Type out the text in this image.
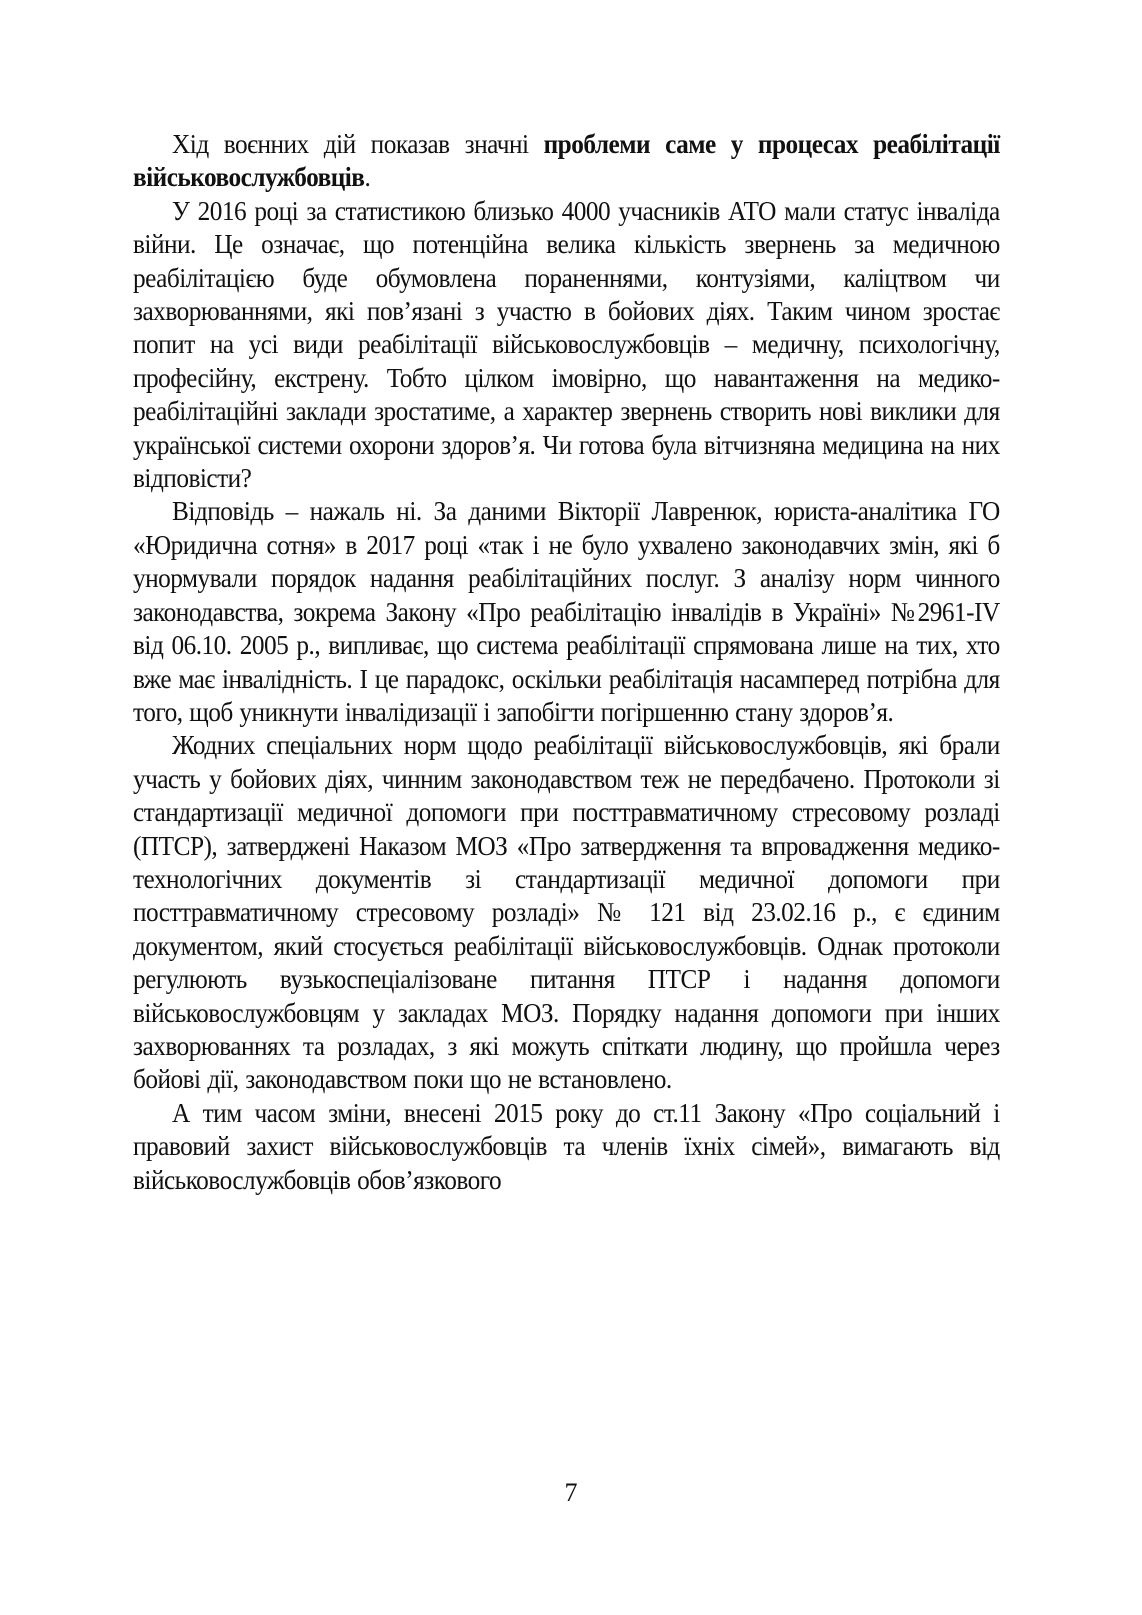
Хід воєнних дій показав значні проблеми саме у процесах реабілітації військовослужбовців.

У 2016 році за статистикою близько 4000 учасників АТО мали статус інваліда війни. Це означає, що потенційна велика кількість звернень за медичною реабілітацією буде обумовлена пораненнями, контузіями, каліцтвом чи захворюваннями, які пов’язані з участю в бойових діях. Таким чином зростає попит на усі види реабілітації військовослужбовців – медичну, психологічну, професійну, екстрену. Тобто цілком імовірно, що навантаження на медико-реабілітаційні заклади зростатиме, а характер звернень створить нові виклики для української системи охорони здоров’я. Чи готова була вітчизняна медицина на них відповісти?

Відповідь – нажаль ні. За даними Вікторії Лавренюк, юриста-аналітика ГО «Юридична сотня» в 2017 році «так і не було ухвалено законодавчих змін, які б унормували порядок надання реабілітаційних послуг. З аналізу норм чинного законодавства, зокрема Закону «Про реабілітацію інвалідів в Україні» №2961-IV від 06.10. 2005 р., випливає, що система реабілітації спрямована лише на тих, хто вже має інвалідність. І це парадокс, оскільки реабілітація насамперед потрібна для того, щоб уникнути інвалідизації і запобігти погіршенню стану здоров’я.

Жодних спеціальних норм щодо реабілітації військовослужбовців, які брали участь у бойових діях, чинним законодавством теж не передбачено. Протоколи зі стандартизації медичної допомоги при посттравматичному стресовому розладі (ПТСР), затверджені Наказом МОЗ «Про затвердження та впровадження медико-технологічних документів зі стандартизації медичної допомоги при посттравматичному стресовому розладі» № 121 від 23.02.16 р., є єдиним документом, який стосується реабілітації військовослужбовців. Однак протоколи регулюють вузькоспеціалізоване питання ПТСР і надання допомоги військовослужбовцям у закладах МОЗ. Порядку надання допомоги при інших захворюваннях та розладах, з які можуть спіткати людину, що пройшла через бойові дії, законодавством поки що не встановлено.

А тим часом зміни, внесені 2015 року до ст.11 Закону «Про соціальний і правовий захист військовослужбовців та членів їхніх сімей», вимагають від військовослужбовців обов’язкового

7
